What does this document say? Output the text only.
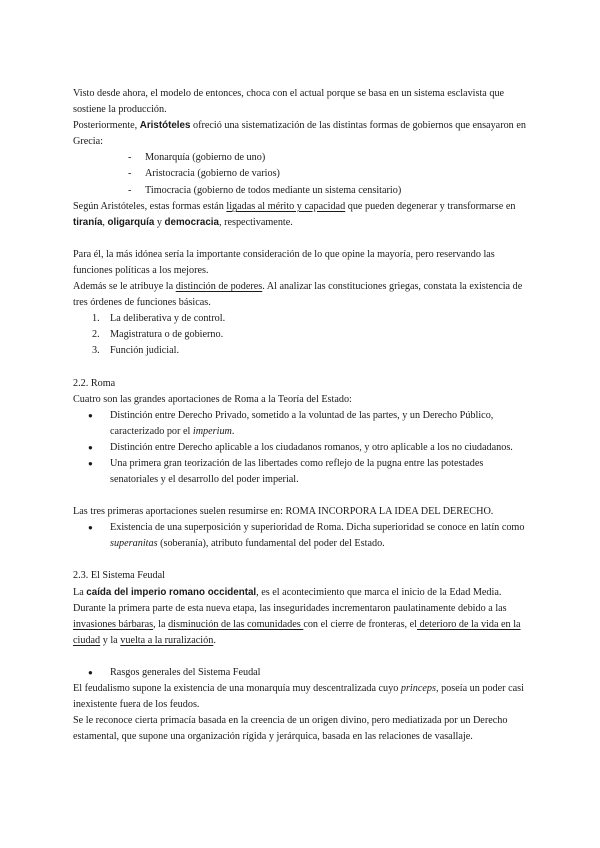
Visto desde ahora, el modelo de entonces, choca con el actual porque se basa en un sistema esclavista que sostiene la producción.

Posteriormente, Aristóteles ofreció una sistematización de las distintas formas de gobiernos que ensayaron en Grecia:

-	Monarquía (gobierno de uno)
-	Aristocracia (gobierno de varios)
-	Timocracia (gobierno de todos mediante un sistema censitario)

Según Aristóteles, estas formas están ligadas al mérito y capacidad que pueden degenerar y transformarse en tiranía, oligarquía y democracia, respectivamente.

Para él, la más idónea sería la importante consideración de lo que opine la mayoría, pero reservando las funciones políticas a los mejores.

Además se le atribuye la distinción de poderes. Al analizar las constituciones griegas, constata la existencia de tres órdenes de funciones básicas.

1.	La deliberativa y de control.
2.	Magistratura o de gobierno.
3.	Función judicial.

2.2. Roma

Cuatro son las grandes aportaciones de Roma a la Teoría del Estado:

●	Distinción entre Derecho Privado, sometido a la voluntad de las partes, y un Derecho Público, caracterizado por el imperium.
●	Distinción entre Derecho aplicable a los ciudadanos romanos, y otro aplicable a los no ciudadanos.
●	Una primera gran teorización de las libertades como reflejo de la pugna entre las potestades senatoriales y el desarrollo del poder imperial.

Las tres primeras aportaciones suelen resumirse en: ROMA INCORPORA LA IDEA DEL DERECHO.

●	Existencia de una superposición y superioridad de Roma. Dicha superioridad se conoce en latín como superanitas (soberanía), atributo fundamental del poder del Estado.

2.3. El Sistema Feudal

La caída del imperio romano occidental, es el acontecimiento que marca el inicio de la Edad Media. Durante la primera parte de esta nueva etapa, las inseguridades incrementaron paulatinamente debido a las invasiones bárbaras, la disminución de las comunidades con el cierre de fronteras, el deterioro de la vida en la ciudad y la vuelta a la ruralización.

●	Rasgos generales del Sistema Feudal

El feudalismo supone la existencia de una monarquía muy descentralizada cuyo princeps, poseía un poder casi inexistente fuera de los feudos.

Se le reconoce cierta primacía basada en la creencia de un origen divino, pero mediatizada por un Derecho estamental, que supone una organización rígida y jerárquica, basada en las relaciones de vasallaje.
